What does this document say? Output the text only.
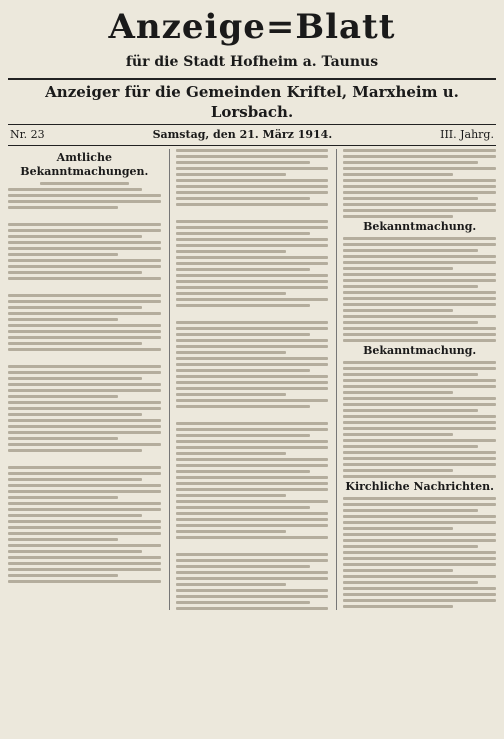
Anzeige=Blatt
für die Stadt Hofheim a. Taunus
Anzeiger für die Gemeinden Kriftel, Marxheim u. Lorsbach.
Nr. 23	Samstag, den 21. März 1914.	III. Jahrg.
Amtliche Bekanntmachungen.
Bekanntmachung.
Bekanntmachung.
Kirchliche Nachrichten.
